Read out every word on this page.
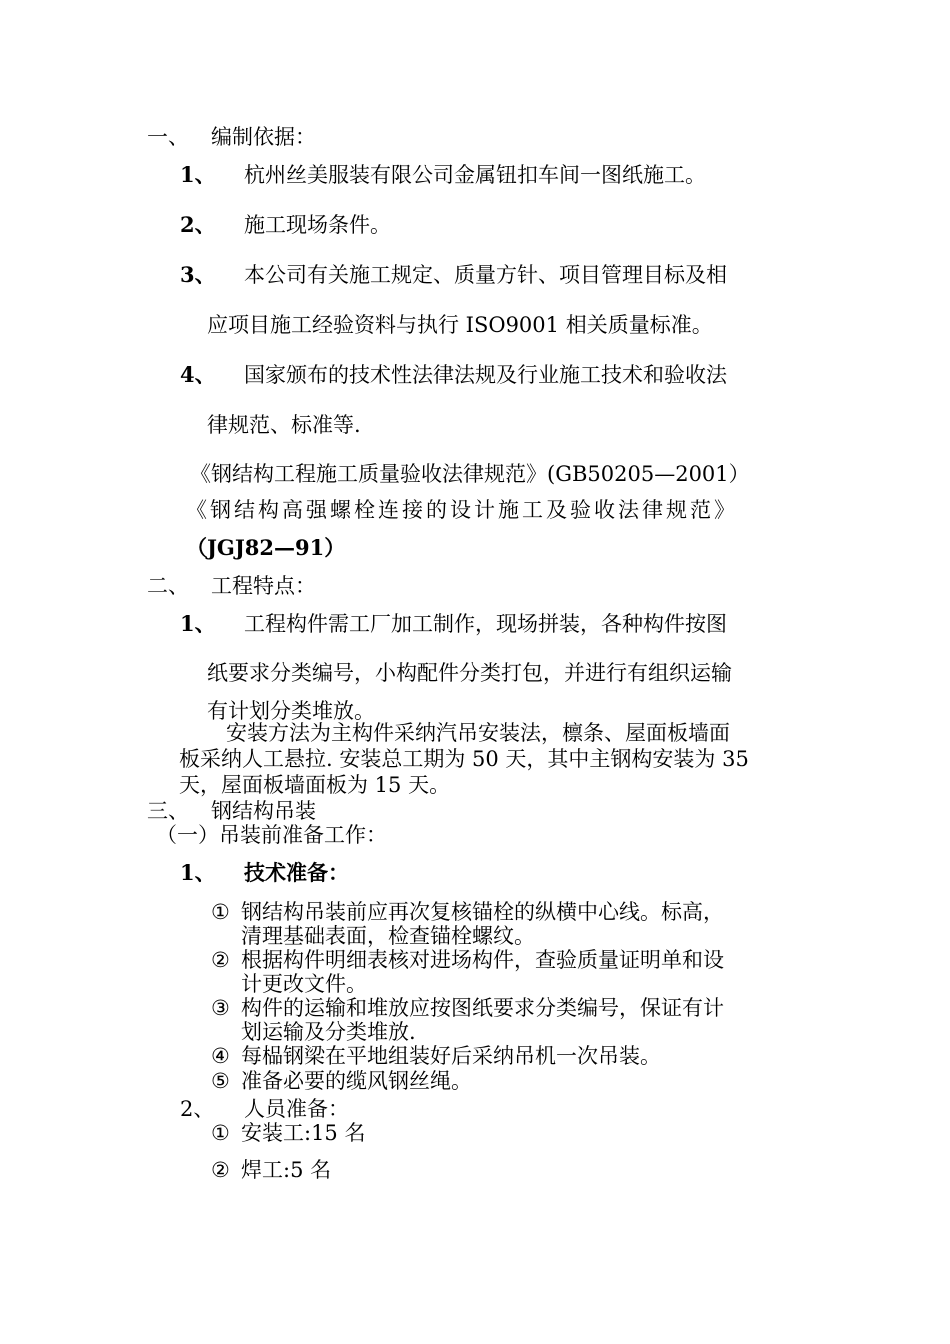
一、 编制依据：
1、 杭州丝美服装有限公司金属钮扣车间一图纸施工。
2、 施工现场条件。
3、 本公司有关施工规定、质量方针、项目管理目标及相
应项目施工经验资料与执行 ISO9001 相关质量标准。
4、 国家颁布的技术性法律法规及行业施工技术和验收法
律规范、标准等.
《钢结构工程施工质量验收法律规范》(GB50205—2001）
《钢结构高强螺栓连接的设计施工及验收法律规范》
（JGJ82—91）
二、 工程特点：
1、 工程构件需工厂加工制作，现场拼装，各种构件按图
纸要求分类编号，小构配件分类打包，并进行有组织运输
有计划分类堆放。
安装方法为主构件采纳汽吊安装法，檩条、屋面板墙面
板采纳人工悬拉. 安装总工期为 50 天，其中主钢构安装为 35
天，屋面板墙面板为 15 天。
三、 钢结构吊装
（一）吊装前准备工作：
1、 技术准备：
① 钢结构吊装前应再次复核锚栓的纵横中心线。标高，
清理基础表面，检查锚栓螺纹。
② 根据构件明细表核对进场构件，查验质量证明单和设
计更改文件。
③ 构件的运输和堆放应按图纸要求分类编号，保证有计
划运输及分类堆放.
④ 每榀钢梁在平地组装好后采纳吊机一次吊装。
⑤ 准备必要的缆风钢丝绳。
2、 人员准备：
① 安装工:15 名
② 焊工:5 名
